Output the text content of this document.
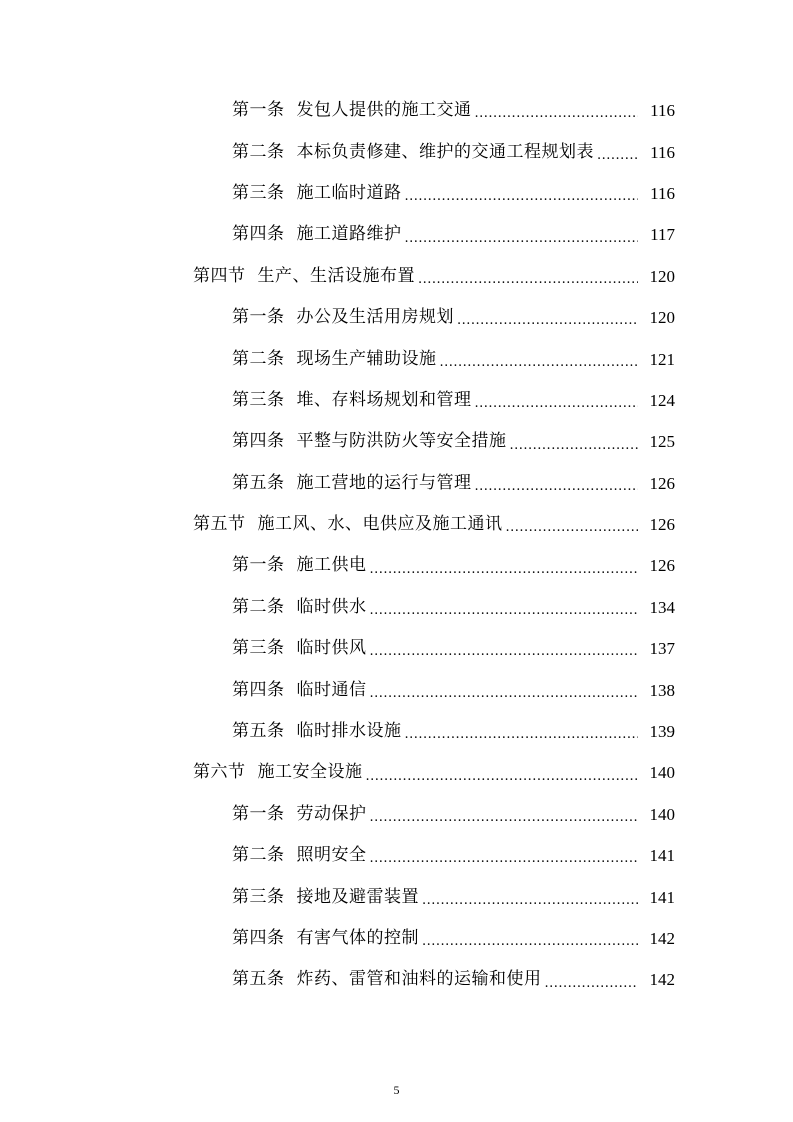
第一条 发包人提供的施工交通 .....	116
第二条 本标负责修建、维护的交通工程规划表 .....	116
第三条 施工临时道路 .....	116
第四条 施工道路维护 .....	117
第四节 生产、生活设施布置 .....	120
第一条 办公及生活用房规划 .....	120
第二条 现场生产辅助设施 .....	121
第三条 堆、存料场规划和管理 .....	124
第四条 平整与防洪防火等安全措施 .....	125
第五条 施工营地的运行与管理 .....	126
第五节 施工风、水、电供应及施工通讯 .....	126
第一条 施工供电 .....	126
第二条 临时供水 .....	134
第三条 临时供风 .....	137
第四条 临时通信 .....	138
第五条 临时排水设施 .....	139
第六节 施工安全设施 .....	140
第一条 劳动保护 .....	140
第二条 照明安全 .....	141
第三条 接地及避雷装置 .....	141
第四条 有害气体的控制 .....	142
第五条 炸药、雷管和油料的运输和使用 .....	142
5
